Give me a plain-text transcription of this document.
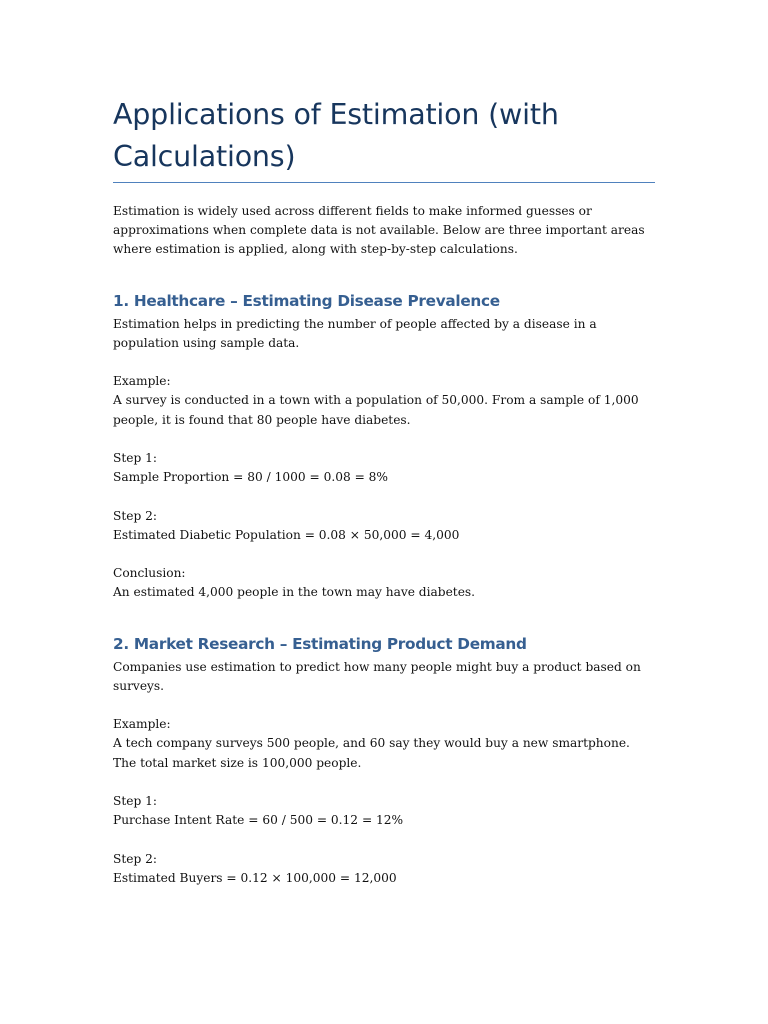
Applications of Estimation (with Calculations)

Estimation is widely used across different fields to make informed guesses or approximations when complete data is not available. Below are three important areas where estimation is applied, along with step-by-step calculations.

1. Healthcare – Estimating Disease Prevalence

Estimation helps in predicting the number of people affected by a disease in a population using sample data.

Example:

A survey is conducted in a town with a population of 50,000. From a sample of 1,000 people, it is found that 80 people have diabetes.

Step 1:

Sample Proportion = 80 / 1000 = 0.08 = 8%

Step 2:

Estimated Diabetic Population = 0.08 × 50,000 = 4,000

Conclusion:

An estimated 4,000 people in the town may have diabetes.

2. Market Research – Estimating Product Demand

Companies use estimation to predict how many people might buy a product based on surveys.

Example:

A tech company surveys 500 people, and 60 say they would buy a new smartphone. The total market size is 100,000 people.

Step 1:

Purchase Intent Rate = 60 / 500 = 0.12 = 12%

Step 2:

Estimated Buyers = 0.12 × 100,000 = 12,000
